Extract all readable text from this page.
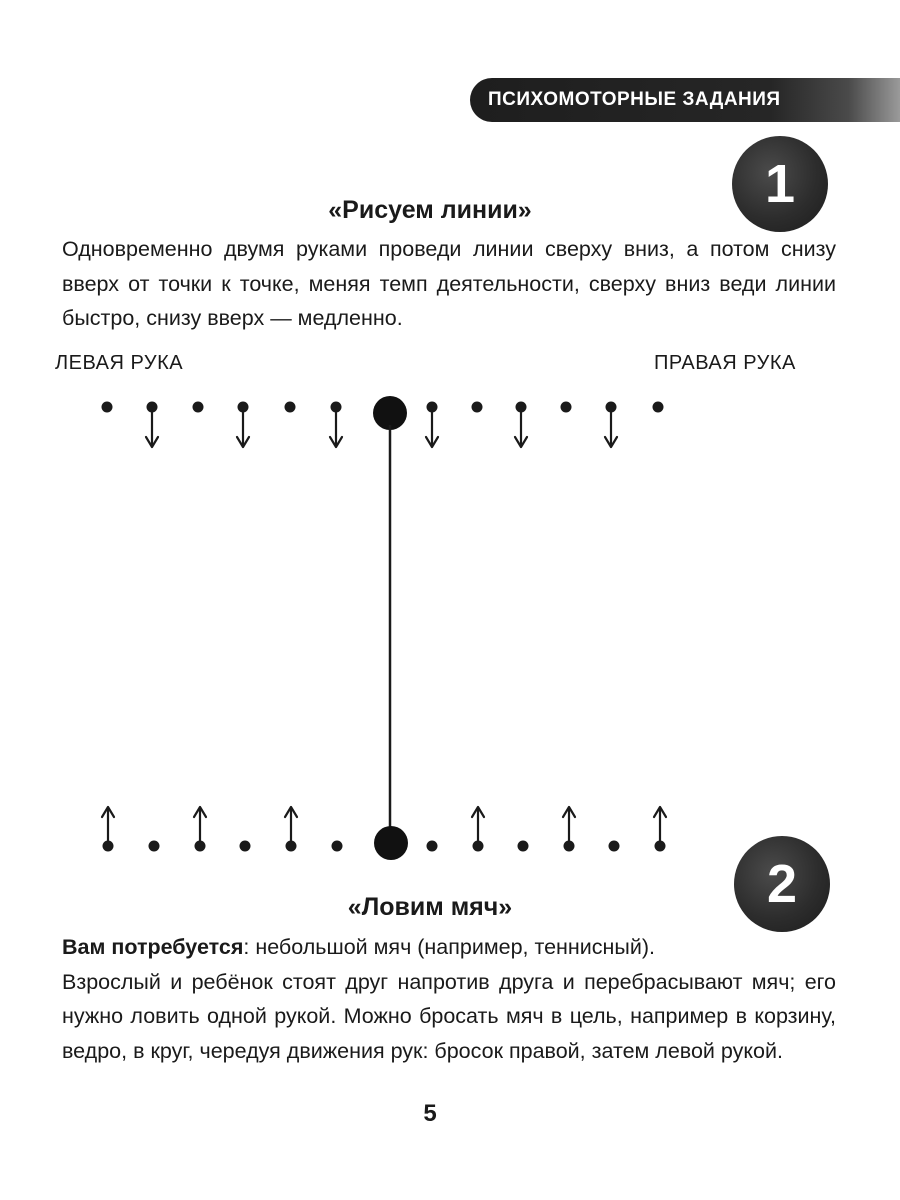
ПСИХОМОТОРНЫЕ ЗАДАНИЯ
1
«Рисуем линии»

Одновременно двумя руками проведи линии сверху вниз, а потом снизу вверх от точки к точке, меняя темп деятельности, сверху вниз веди линии быстро, снизу вверх — медленно.

ЛЕВАЯ РУКА	ПРАВАЯ РУКА
2
«Ловим мяч»
Вам потребуется: небольшой мяч (например, теннисный).
Взрослый и ребёнок стоят друг напротив друга и перебрасывают мяч; его нужно ловить одной рукой. Можно бросать мяч в цель, например в корзину, ведро, в круг, чередуя движения рук: бросок правой, затем левой рукой.
5
